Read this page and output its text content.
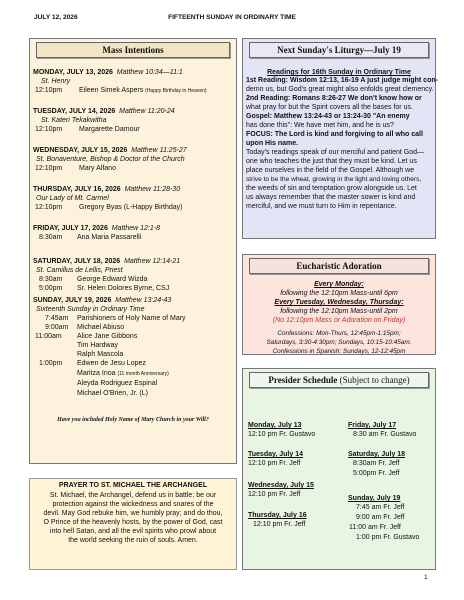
JULY 12, 2026	FIFTEENTH SUNDAY IN ORDINARY TIME
1
Mass Intentions
MONDAY, JULY 13, 2026 Matthew 10:34—11:1
St. Henry
12:10pm Eileen Simek Aspers (Happy Birthday in Heaven)
TUESDAY, JULY 14, 2026 Matthew 11:20-24
St. Kateri Tekakwitha
12:10pm Margarette Damour
WEDNESDAY, JULY 15, 2026 Matthew 11:25-27
St. Bonaventure, Bishop & Doctor of the Church
12:10pm Mary Alfano
THURSDAY, JULY 16, 2026 Matthew 11:28-30
Our Lady of Mt. Carmel
12:10pm Gregory Byas (L-Happy Birthday)
FRIDAY, JULY 17, 2026 Matthew 12:1-8
8:30am Ana Maria Passarelli
SATURDAY, JULY 18, 2026 Matthew 12:14-21
St. Camillus de Lellis, Priest
8:30am George Edward Wizda
5:00pm Sr. Helen Dolores Byrne, CSJ
SUNDAY, JULY 19, 2026 Matthew 13:24-43
Sixteenth Sunday in Ordinary Time
7:45am Parishioners of Holy Name of Mary
9:00am Michael Abiuso
11:00am Alice Jane Gibbons
Tim Hardway
Ralph Mascola
1:00pm Edwen de Jesu Lopez
Maritza Inoa (11 month Anniversary)
Aleyda Rodriguez Espinal
Michael O'Brien, Jr. (L)
Have you included Holy Name of Mary Church in your Will?
PRAYER TO ST. MICHAEL THE ARCHANGEL
St. Michael, the Archangel, defend us in battle; be our
protection against the wickedness and snares of the
devil. May God rebuke him, we humbly pray; and do thou,
O Prince of the heavenly hosts, by the power of God, cast
into hell Satan, and all the evil spirits who prowl about
the world seeking the ruin of souls. Amen.
Next Sunday's Liturgy—July 19
Readings for 16th Sunday in Ordinary Time
1st Reading: Wisdom 12:13, 16-19 A just judge might con-
demn us, but God's great might also enfolds great clemency.
2nd Reading: Romans 8:26-27 We don't know how or
what pray for but the Spirit covers all the bases for us.
Gospel: Matthew 13:24-43 or 13:24-30 "An enemy
has done this": We have met him, and he is us?
FOCUS: The Lord is kind and forgiving to all who call
upon His name.
Today's readings speak of our merciful and patient God—
one who teaches the just that they must be kind. Let us
place ourselves in the field of the Gospel. Although we
strive to be the wheat, growing in the light and loving others,
the weeds of sin and temptation grow alongside us. Let
us always remember that the master sower is kind and
merciful, and we must turn to Him in repentance.
Eucharistic Adoration
Every Monday:
following the 12:10pm Mass-until 6pm
Every Tuesday, Wednesday, Thursday:
following the 12:10pm Mass-until 2pm
(No 12:10pm Mass or Adoration on Friday)
Confessions: Mon-Thurs, 12:45pm-1:15pm;
Saturdays, 3:30-4:30pm; Sundays, 10:15-10:45am.
Confessions in Spanish: Sundays, 12-12:45pm
Presider Schedule (Subject to change)
Monday, July 13
12:10 pm Fr. Gustavo
Tuesday, July 14
12:10 pm Fr. Jeff
Wednesday, July 15
12:10 pm Fr. Jeff
Thursday, July 16
12:10 pm Fr. Jeff
Friday, July 17
8:30 am Fr. Gustavo
Saturday, July 18
8:30am Fr. Jeff
5:00pm Fr. Jeff
Sunday, July 19
7:45 am Fr. Jeff
9:00 am Fr. Jeff
11:00 am Fr. Jeff
1:00 pm Fr. Gustavo
